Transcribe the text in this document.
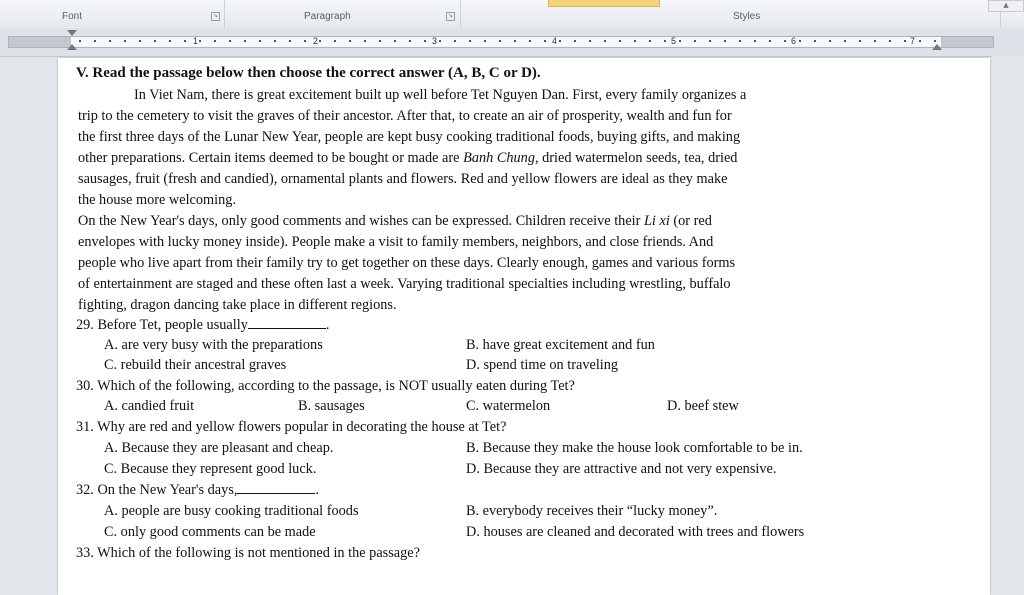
Font	↘	Paragraph	↘	Styles
▲
1	2	3	4	5	6	7
V. Read the passage below then choose the correct answer (A, B, C or D).
In Viet Nam, there is great excitement built up well before Tet Nguyen Dan. First, every family organizes a
trip to the cemetery to visit the graves of their ancestor. After that, to create an air of prosperity, wealth and fun for
the first three days of the Lunar New Year, people are kept busy cooking traditional foods, buying gifts, and making
other preparations. Certain items deemed to be bought or made are Banh Chung, dried watermelon seeds, tea, dried
sausages, fruit (fresh and candied), ornamental plants and flowers. Red and yellow flowers are ideal as they make
the house more welcoming.
On the New Year's days, only good comments and wishes can be expressed. Children receive their Li xi (or red
envelopes with lucky money inside). People make a visit to family members, neighbors, and close friends. And
people who live apart from their family try to get together on these days. Clearly enough, games and various forms
of entertainment are staged and these often last a week. Varying traditional specialties including wrestling, buffalo
fighting, dragon dancing take place in different regions.
29. Before Tet, people usually	.
A. are very busy with the preparations	B. have great excitement and fun
C. rebuild their ancestral graves	D. spend time on traveling
30. Which of the following, according to the passage, is NOT usually eaten during Tet?
A. candied fruit	B. sausages	C. watermelon	D. beef stew
31. Why are red and yellow flowers popular in decorating the house at Tet?
A. Because they are pleasant and cheap.	B. Because they make the house look comfortable to be in.
C. Because they represent good luck.	D. Because they are attractive and not very expensive.
32. On the New Year's days,	.
A. people are busy cooking traditional foods	B. everybody receives their “lucky money”.
C. only good comments can be made	D. houses are cleaned and decorated with trees and flowers
33. Which of the following is not mentioned in the passage?
